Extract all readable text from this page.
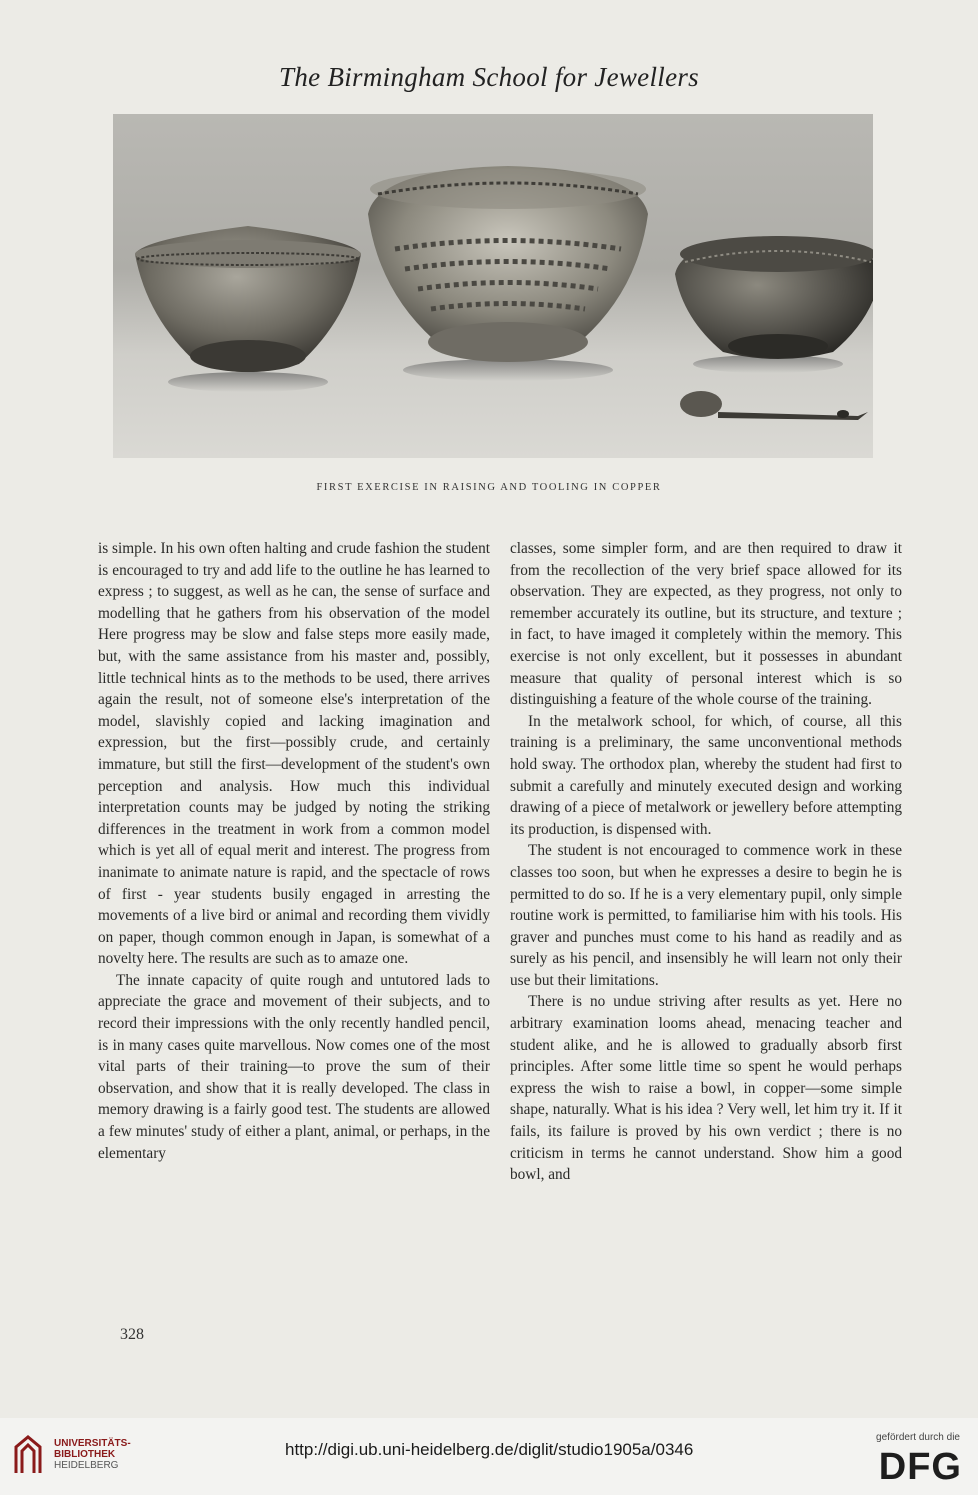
The Birmingham School for Jewellers
FIRST EXERCISE IN RAISING AND TOOLING IN COPPER

is simple. In his own often halting and crude fashion the student is encouraged to try and add life to the outline he has learned to express ; to suggest, as well as he can, the sense of surface and modelling that he gathers from his observation of the model Here progress may be slow and false steps more easily made, but, with the same assistance from his master and, possibly, little technical hints as to the methods to be used, there arrives again the result, not of someone else's interpretation of the model, slavishly copied and lacking imagination and expression, but the first—possibly crude, and certainly immature, but still the first—development of the student's own perception and analysis. How much this individual interpretation counts may be judged by noting the striking differences in the treatment in work from a common model which is yet all of equal merit and interest. The progress from inanimate to animate nature is rapid, and the spectacle of rows of first - year students busily engaged in arresting the movements of a live bird or animal and recording them vividly on paper, though common enough in Japan, is somewhat of a novelty here. The results are such as to amaze one.

The innate capacity of quite rough and untutored lads to appreciate the grace and movement of their subjects, and to record their impressions with the only recently handled pencil, is in many cases quite marvellous. Now comes one of the most vital parts of their training—to prove the sum of their observation, and show that it is really developed. The class in memory drawing is a fairly good test. The students are allowed a few minutes' study of either a plant, animal, or perhaps, in the elementary

classes, some simpler form, and are then required to draw it from the recollection of the very brief space allowed for its observation. They are expected, as they progress, not only to remember accurately its outline, but its structure, and texture ; in fact, to have imaged it completely within the memory. This exercise is not only excellent, but it possesses in abundant measure that quality of personal interest which is so distinguishing a feature of the whole course of the training.

In the metalwork school, for which, of course, all this training is a preliminary, the same unconventional methods hold sway. The orthodox plan, whereby the student had first to submit a carefully and minutely executed design and working drawing of a piece of metalwork or jewellery before attempting its production, is dispensed with.

The student is not encouraged to commence work in these classes too soon, but when he expresses a desire to begin he is permitted to do so. If he is a very elementary pupil, only simple routine work is permitted, to familiarise him with his tools. His graver and punches must come to his hand as readily and as surely as his pencil, and insensibly he will learn not only their use but their limitations.

There is no undue striving after results as yet. Here no arbitrary examination looms ahead, menacing teacher and student alike, and he is allowed to gradually absorb first principles. After some little time so spent he would perhaps express the wish to raise a bowl, in copper—some simple shape, naturally. What is his idea ? Very well, let him try it. If it fails, its failure is proved by his own verdict ; there is no criticism in terms he cannot understand. Show him a good bowl, and

328
UNIVERSITÄTS-
BIBLIOTHEK
HEIDELBERG
http://digi.ub.uni-heidelberg.de/diglit/studio1905a/0346
gefördert durch die
DFG
